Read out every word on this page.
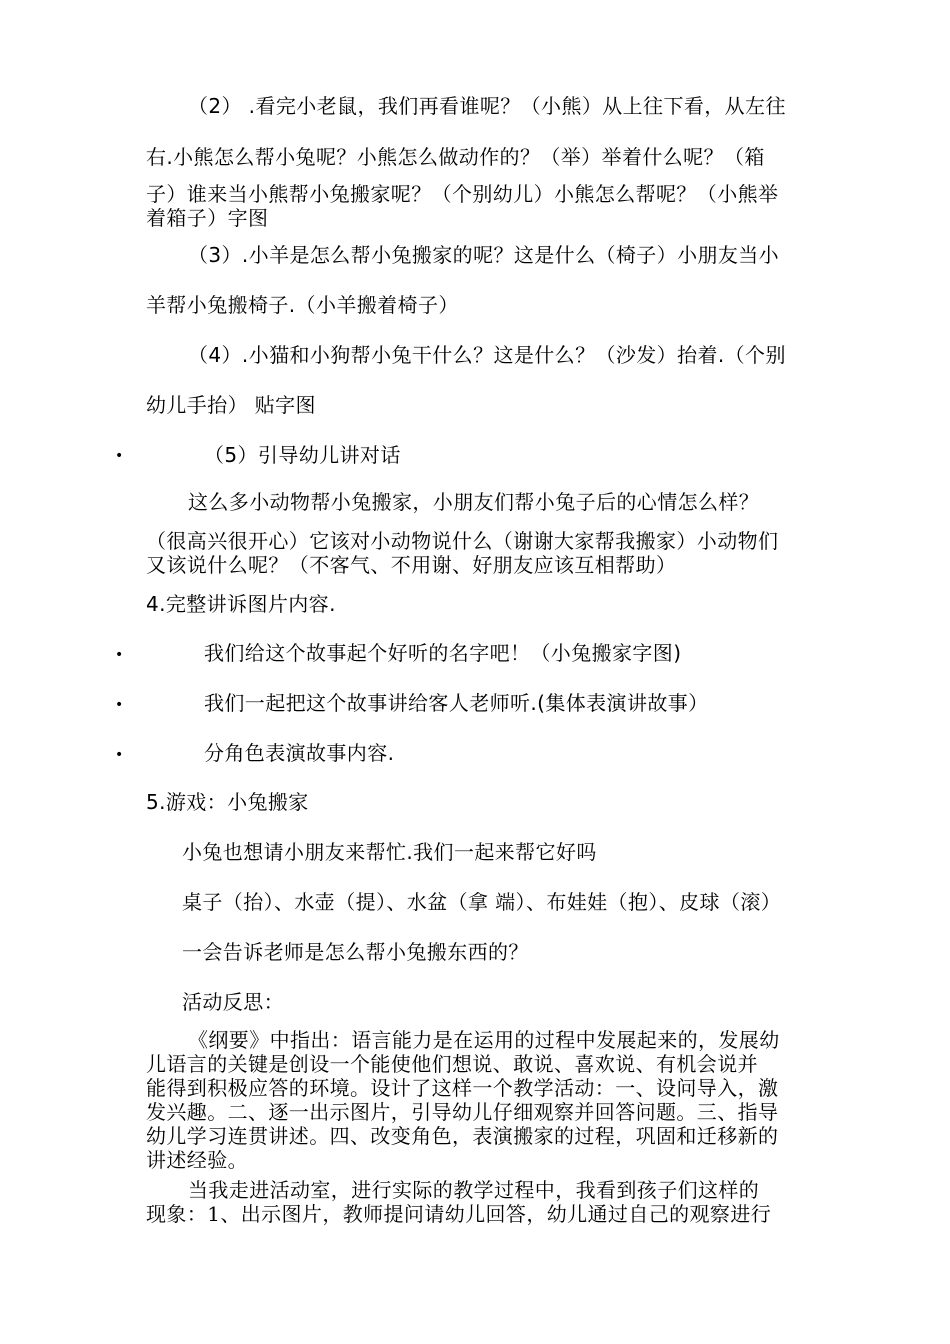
（2） .看完小老鼠，我们再看谁呢？（小熊）从上往下看，从左往

右.小熊怎么帮小兔呢？小熊怎么做动作的？（举）举着什么呢？（箱

子）谁来当小熊帮小兔搬家呢？（个别幼儿）小熊怎么帮呢？（小熊举

着箱子）字图

（3）.小羊是怎么帮小兔搬家的呢？这是什么（椅子）小朋友当小

羊帮小兔搬椅子.（小羊搬着椅子）

（4）.小猫和小狗帮小兔干什么？这是什么？（沙发）抬着.（个别

幼儿手抬） 贴字图

•	（5）引导幼儿讲对话

这么多小动物帮小兔搬家，小朋友们帮小兔子后的心情怎么样？

（很高兴很开心）它该对小动物说什么（谢谢大家帮我搬家）小动物们

又该说什么呢？（不客气、不用谢、好朋友应该互相帮助）

4.完整讲诉图片内容.

•	我们给这个故事起个好听的名字吧！（小兔搬家字图)

•	我们一起把这个故事讲给客人老师听.(集体表演讲故事）

•	分角色表演故事内容.

5.游戏：小兔搬家

小兔也想请小朋友来帮忙.我们一起来帮它好吗

桌子（抬）、水壶（提）、水盆（拿 端）、布娃娃（抱）、皮球（滚）

一会告诉老师是怎么帮小兔搬东西的？

活动反思：

《纲要》中指出：语言能力是在运用的过程中发展起来的，发展幼

儿语言的关键是创设一个能使他们想说、敢说、喜欢说、有机会说并

能得到积极应答的环境。设计了这样一个教学活动：一、设问导入，激

发兴趣。二、逐一出示图片，引导幼儿仔细观察并回答问题。三、指导

幼儿学习连贯讲述。四、改变角色，表演搬家的过程，巩固和迁移新的

讲述经验。

当我走进活动室，进行实际的教学过程中，我看到孩子们这样的

现象：1、出示图片，教师提问请幼儿回答，幼儿通过自己的观察进行
